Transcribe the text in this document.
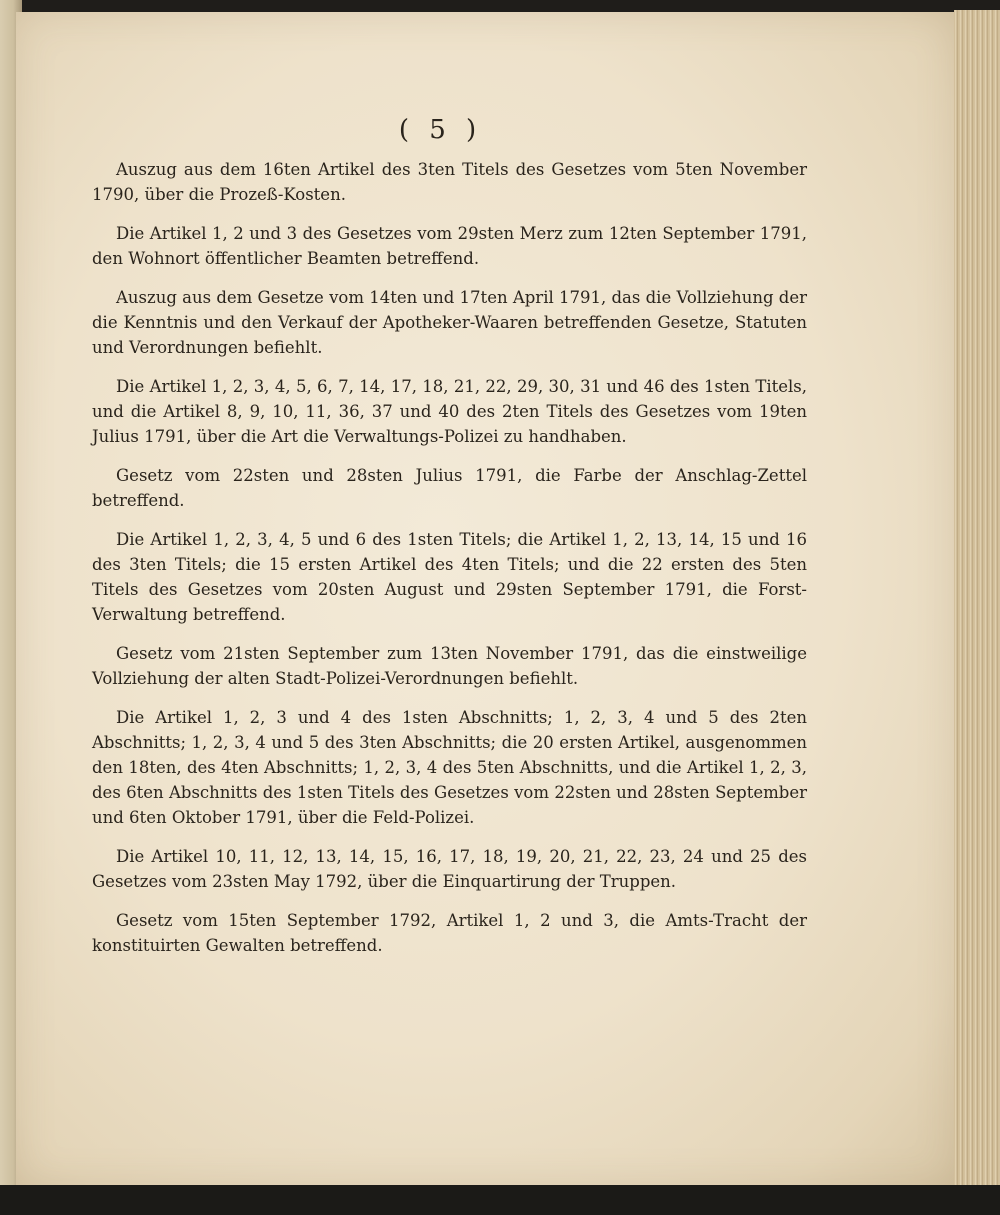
( 5 )

Auszug aus dem 16ten Artikel des 3ten Titels des Gesetzes vom 5ten November 1790, über die Prozeß-Kosten.

Die Artikel 1, 2 und 3 des Gesetzes vom 29sten Merz zum 12ten September 1791, den Wohnort öffentlicher Beamten betreffend.

Auszug aus dem Gesetze vom 14ten und 17ten April 1791, das die Vollziehung der die Kenntnis und den Verkauf der Apotheker-Waaren betreffenden Gesetze, Statuten und Verordnungen befiehlt.

Die Artikel 1, 2, 3, 4, 5, 6, 7, 14, 17, 18, 21, 22, 29, 30, 31 und 46 des 1sten Titels, und die Artikel 8, 9, 10, 11, 36, 37 und 40 des 2ten Titels des Gesetzes vom 19ten Julius 1791, über die Art die Verwaltungs-Polizei zu handhaben.

Gesetz vom 22sten und 28sten Julius 1791, die Farbe der Anschlag-Zettel betreffend.

Die Artikel 1, 2, 3, 4, 5 und 6 des 1sten Titels; die Artikel 1, 2, 13, 14, 15 und 16 des 3ten Titels; die 15 ersten Artikel des 4ten Titels; und die 22 ersten des 5ten Titels des Gesetzes vom 20sten August und 29sten September 1791, die Forst-Verwaltung betreffend.

Gesetz vom 21sten September zum 13ten November 1791, das die einstweilige Vollziehung der alten Stadt-Polizei-Verordnungen befiehlt.

Die Artikel 1, 2, 3 und 4 des 1sten Abschnitts; 1, 2, 3, 4 und 5 des 2ten Abschnitts; 1, 2, 3, 4 und 5 des 3ten Abschnitts; die 20 ersten Artikel, ausgenommen den 18ten, des 4ten Abschnitts; 1, 2, 3, 4 des 5ten Abschnitts, und die Artikel 1, 2, 3, des 6ten Abschnitts des 1sten Titels des Gesetzes vom 22sten und 28sten September und 6ten Oktober 1791, über die Feld-Polizei.

Die Artikel 10, 11, 12, 13, 14, 15, 16, 17, 18, 19, 20, 21, 22, 23, 24 und 25 des Gesetzes vom 23sten May 1792, über die Einquartirung der Truppen.

Gesetz vom 15ten September 1792, Artikel 1, 2 und 3, die Amts-Tracht der konstituirten Gewalten betreffend.
